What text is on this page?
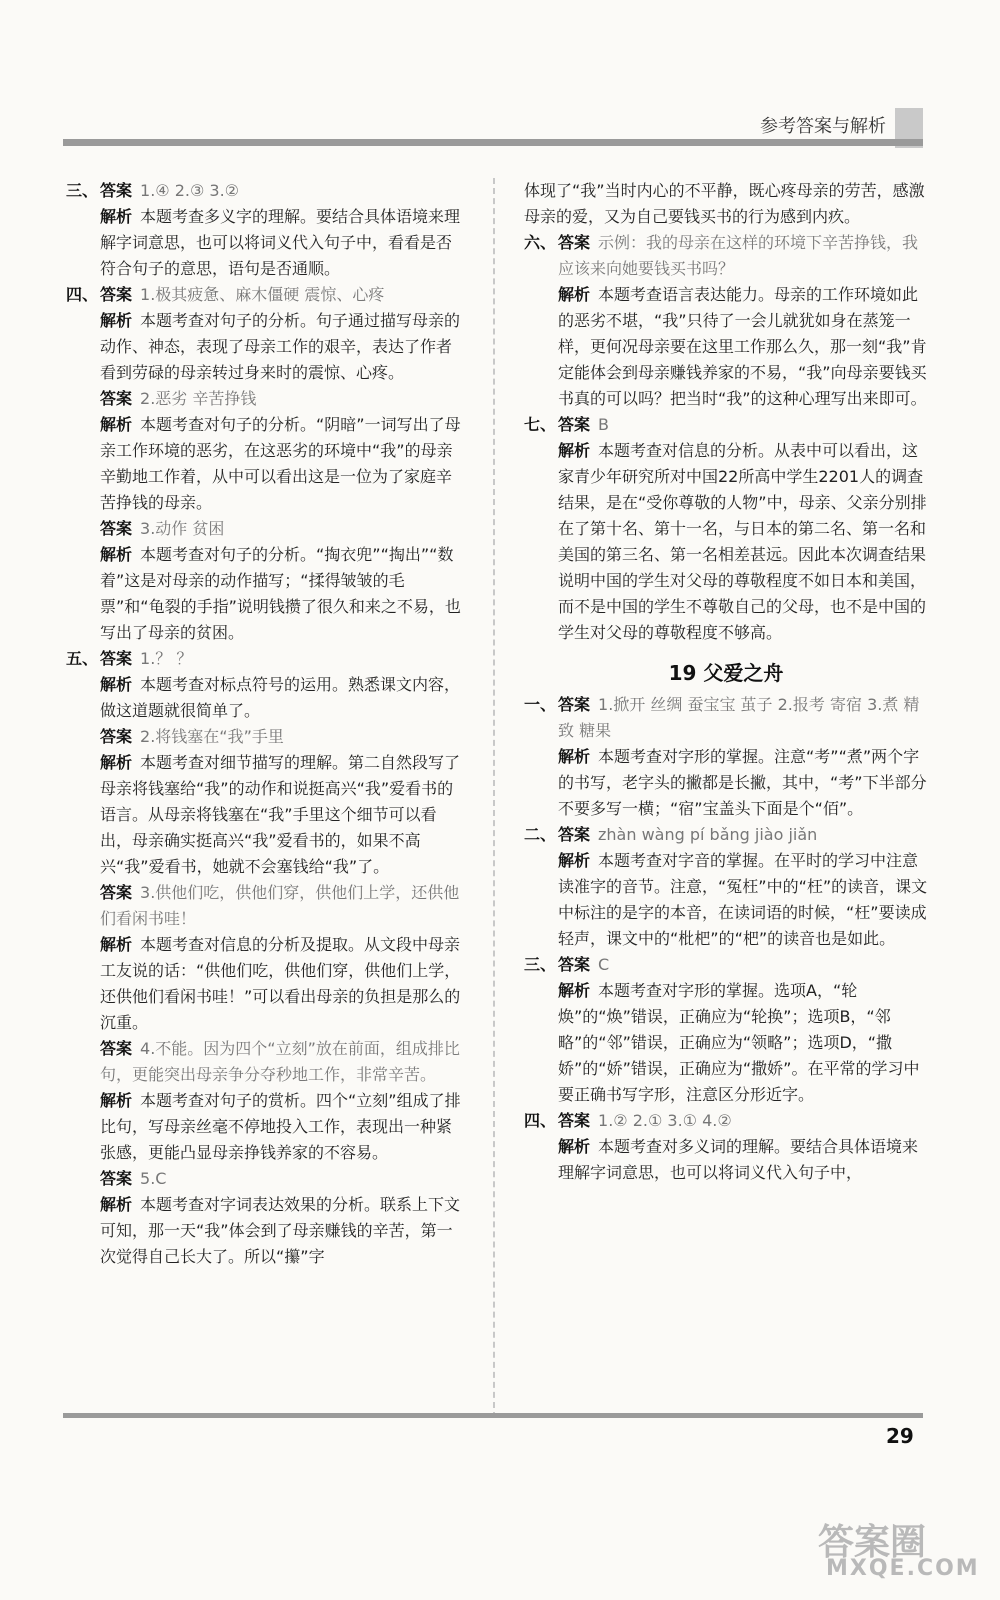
参考答案与解析
三、 答案 1.④ 2.③ 3.②
解析 本题考查多义字的理解。要结合具体语境来理解字词意思，也可以将词义代入句子中，看看是否符合句子的意思，语句是否通顺。
四、 答案 1.极其疲惫、麻木僵硬 震惊、心疼
解析 本题考查对句子的分析。句子通过描写母亲的动作、神态，表现了母亲工作的艰辛，表达了作者看到劳碌的母亲转过身来时的震惊、心疼。
答案 2.恶劣 辛苦挣钱
解析 本题考查对句子的分析。“阴暗”一词写出了母亲工作环境的恶劣，在这恶劣的环境中“我”的母亲辛勤地工作着，从中可以看出这是一位为了家庭辛苦挣钱的母亲。
答案 3.动作 贫困
解析 本题考查对句子的分析。“掏衣兜”“掏出”“数着”这是对母亲的动作描写；“揉得皱皱的毛票”和“龟裂的手指”说明钱攒了很久和来之不易，也写出了母亲的贫困。
五、 答案 1.？ ？
解析 本题考查对标点符号的运用。熟悉课文内容，做这道题就很简单了。
答案 2.将钱塞在“我”手里
解析 本题考查对细节描写的理解。第二自然段写了母亲将钱塞给“我”的动作和说挺高兴“我”爱看书的语言。从母亲将钱塞在“我”手里这个细节可以看出，母亲确实挺高兴“我”爱看书的，如果不高兴“我”爱看书，她就不会塞钱给“我”了。
答案 3.供他们吃，供他们穿，供他们上学，还供他们看闲书哇！
解析 本题考查对信息的分析及提取。从文段中母亲工友说的话：“供他们吃，供他们穿，供他们上学，还供他们看闲书哇！”可以看出母亲的负担是那么的沉重。
答案 4.不能。因为四个“立刻”放在前面，组成排比句，更能突出母亲争分夺秒地工作，非常辛苦。
解析 本题考查对句子的赏析。四个“立刻”组成了排比句，写母亲丝毫不停地投入工作，表现出一种紧张感，更能凸显母亲挣钱养家的不容易。
答案 5.C
解析 本题考查对字词表达效果的分析。联系上下文可知，那一天“我”体会到了母亲赚钱的辛苦，第一次觉得自己长大了。所以“攥”字
体现了“我”当时内心的不平静，既心疼母亲的劳苦，感激母亲的爱，又为自己要钱买书的行为感到内疚。
六、 答案 示例：我的母亲在这样的环境下辛苦挣钱，我应该来向她要钱买书吗？
解析 本题考查语言表达能力。母亲的工作环境如此的恶劣不堪，“我”只待了一会儿就犹如身在蒸笼一样，更何况母亲要在这里工作那么久，那一刻“我”肯定能体会到母亲赚钱养家的不易，“我”向母亲要钱买书真的可以吗？把当时“我”的这种心理写出来即可。
七、 答案 B
解析 本题考查对信息的分析。从表中可以看出，这家青少年研究所对中国22所高中学生2201人的调查结果，是在“受你尊敬的人物”中，母亲、父亲分别排在了第十名、第十一名，与日本的第二名、第一名和美国的第三名、第一名相差甚远。因此本次调查结果说明中国的学生对父母的尊敬程度不如日本和美国，而不是中国的学生不尊敬自己的父母，也不是中国的学生对父母的尊敬程度不够高。
19 父爱之舟
一、 答案 1.掀开 丝绸 蚕宝宝 茧子 2.报考 寄宿 3.煮 精致 糖果
解析 本题考查对字形的掌握。注意“考”“煮”两个字的书写，老字头的撇都是长撇，其中，“考”下半部分不要多写一横；“宿”宝盖头下面是个“佰”。
二、 答案 zhàn wàng pí bǎng jiào jiǎn
解析 本题考查对字音的掌握。在平时的学习中注意读准字的音节。注意，“冤枉”中的“枉”的读音，课文中标注的是字的本音，在读词语的时候，“枉”要读成轻声，课文中的“枇杷”的“杷”的读音也是如此。
三、 答案 C
解析 本题考查对字形的掌握。选项A，“轮焕”的“焕”错误，正确应为“轮换”；选项B，“邻略”的“邻”错误，正确应为“领略”；选项D，“撒娇”的“娇”错误，正确应为“撒娇”。在平常的学习中要正确书写字形，注意区分形近字。
四、 答案 1.② 2.① 3.① 4.②
解析 本题考查对多义词的理解。要结合具体语境来理解字词意思，也可以将词义代入句子中，
29
答案圈
MXQE.COM
